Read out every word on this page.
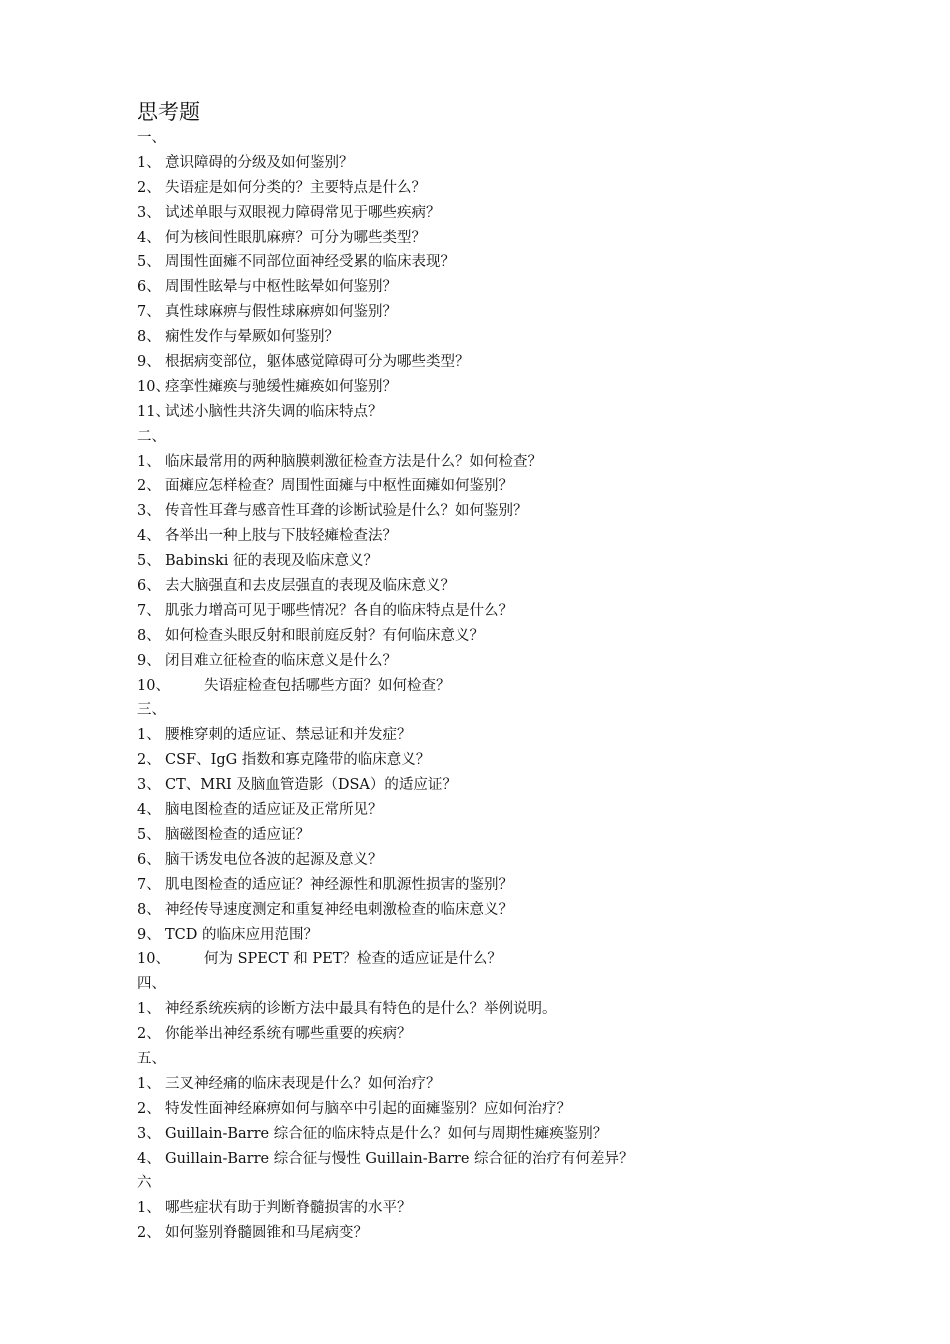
思考题
一、
1、 意识障碍的分级及如何鉴别？
2、 失语症是如何分类的？主要特点是什么？
3、 试述单眼与双眼视力障碍常见于哪些疾病？
4、 何为核间性眼肌麻痹？可分为哪些类型？
5、 周围性面瘫不同部位面神经受累的临床表现？
6、 周围性眩晕与中枢性眩晕如何鉴别？
7、 真性球麻痹与假性球麻痹如何鉴别？
8、 痫性发作与晕厥如何鉴别？
9、 根据病变部位，躯体感觉障碍可分为哪些类型？
10、痉挛性瘫痪与驰缓性瘫痪如何鉴别？
11、试述小脑性共济失调的临床特点？
二、
1、 临床最常用的两种脑膜刺激征检查方法是什么？如何检查？
2、 面瘫应怎样检查？周围性面瘫与中枢性面瘫如何鉴别？
3、 传音性耳聋与感音性耳聋的诊断试验是什么？如何鉴别？
4、 各举出一种上肢与下肢轻瘫检查法？
5、 Babinski 征的表现及临床意义？
6、 去大脑强直和去皮层强直的表现及临床意义？
7、 肌张力增高可见于哪些情况？各自的临床特点是什么？
8、 如何检查头眼反射和眼前庭反射？有何临床意义？
9、 闭目难立征检查的临床意义是什么？
10、 失语症检查包括哪些方面？如何检查？
三、
1、 腰椎穿刺的适应证、禁忌证和并发症？
2、 CSF、IgG 指数和寡克隆带的临床意义？
3、 CT、MRI 及脑血管造影（DSA）的适应证？
4、 脑电图检查的适应证及正常所见？
5、 脑磁图检查的适应证？
6、 脑干诱发电位各波的起源及意义？
7、 肌电图检查的适应证？神经源性和肌源性损害的鉴别？
8、 神经传导速度测定和重复神经电刺激检查的临床意义？
9、 TCD 的临床应用范围？
10、 何为 SPECT 和 PET？检查的适应证是什么？
四、
1、 神经系统疾病的诊断方法中最具有特色的是什么？举例说明。
2、 你能举出神经系统有哪些重要的疾病？
五、
1、 三叉神经痛的临床表现是什么？如何治疗？
2、 特发性面神经麻痹如何与脑卒中引起的面瘫鉴别？应如何治疗？
3、 Guillain-Barre 综合征的临床特点是什么？如何与周期性瘫痪鉴别？
4、 Guillain-Barre 综合征与慢性 Guillain-Barre 综合征的治疗有何差异？
六
1、 哪些症状有助于判断脊髓损害的水平？
2、 如何鉴别脊髓圆锥和马尾病变？
